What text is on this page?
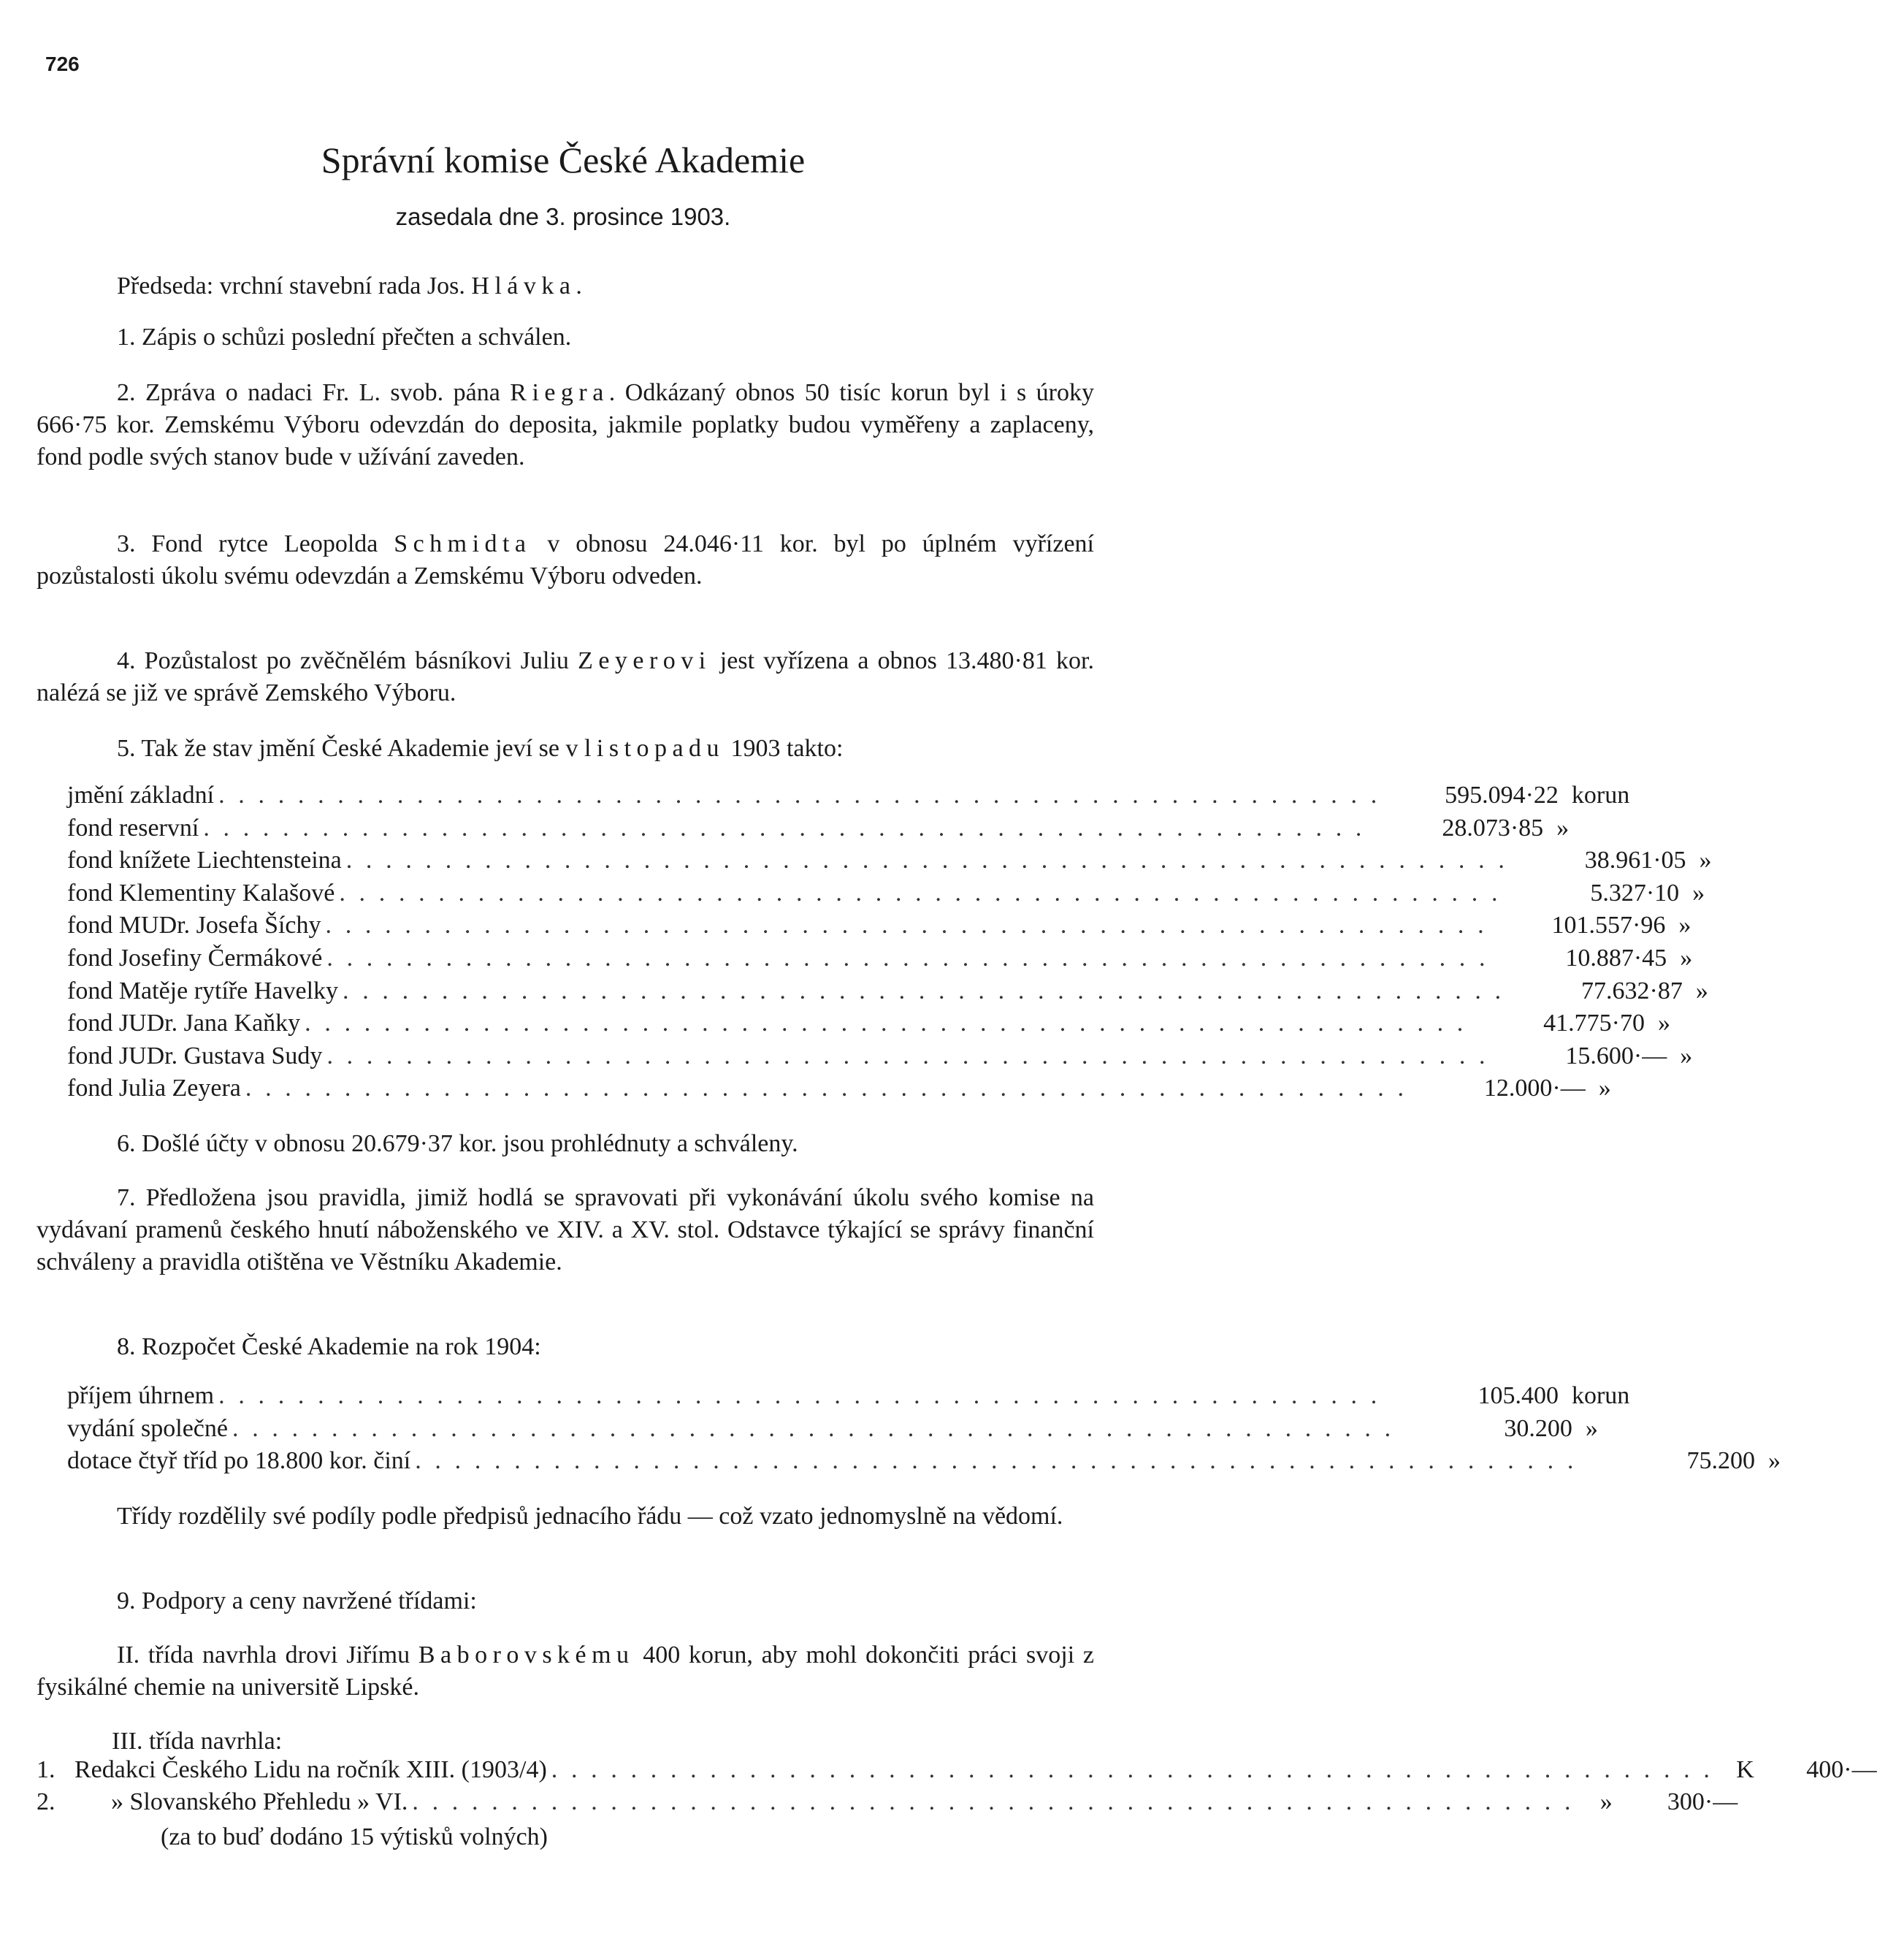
726
Správní komise České Akademie
zasedala dne 3. prosince 1903.
Předseda: vrchní stavební rada Jos. Hlávka.
1. Zápis o schůzi poslední přečten a schválen.
2. Zpráva o nadaci Fr. L. svob. pána Riegra. Odkázaný obnos 50 tisíc korun byl i s úroky 666·75 kor. Zemskému Výboru odevzdán do deposita, jakmile poplatky budou vyměřeny a zaplaceny, fond podle svých stanov bude v užívání zaveden.
3. Fond rytce Leopolda Schmidta v obnosu 24.046·11 kor. byl po úplném vyřízení pozůstalosti úkolu svému odevzdán a Zemskému Výboru odveden.
4. Pozůstalost po zvěčnělém básníkovi Juliu Zeyerovi jest vyřízena a obnos 13.480·81 kor. nalézá se již ve správě Zemského Výboru.
5. Tak že stav jmění České Akademie jeví se v listopadu 1903 takto:
jmění základní ...........................................................	595.094·22 korun
fond reservní ...........................................................	28.073·85 »
fond knížete Liechtensteina ...........................................................	38.961·05 »
fond Klementiny Kalašové ...........................................................	5.327·10 »
fond MUDr. Josefa Šíchy ...........................................................	101.557·96 »
fond Josefiny Čermákové ...........................................................	10.887·45 »
fond Matěje rytíře Havelky ...........................................................	77.632·87 »
fond JUDr. Jana Kaňky ...........................................................	41.775·70 »
fond JUDr. Gustava Sudy ...........................................................	15.600·— »
fond Julia Zeyera ...........................................................	12.000·— »
6. Došlé účty v obnosu 20.679·37 kor. jsou prohlédnuty a schváleny.
7. Předložena jsou pravidla, jimiž hodlá se spravovati při vykonávání úkolu svého komise na vydávaní pramenů českého hnutí náboženského ve XIV. a XV. stol. Odstavce týkající se správy finanční schváleny a pravidla otištěna ve Věstníku Akademie.
8. Rozpočet České Akademie na rok 1904:
příjem úhrnem ...........................................................	105.400 korun
vydání společné ...........................................................	30.200 »
dotace čtyř tříd po 18.800 kor. činí ...........................................................	75.200 »
Třídy rozdělily své podíly podle předpisů jednacího řádu — což vzato jednomyslně na vědomí.
9. Podpory a ceny navržené třídami:
II. třída navrhla drovi Jiřímu Baborovskému 400 korun, aby mohl dokončiti práci svoji z fysikálné chemie na universitě Lipské.
III. třída navrhla:
1. Redakci Českého Lidu na ročník XIII. (1903/4) ........................................................... K	400·—
2.	» Slovanského Přehledu » VI. ........................................................... »	300·—
(za to buď dodáno 15 výtisků volných)
